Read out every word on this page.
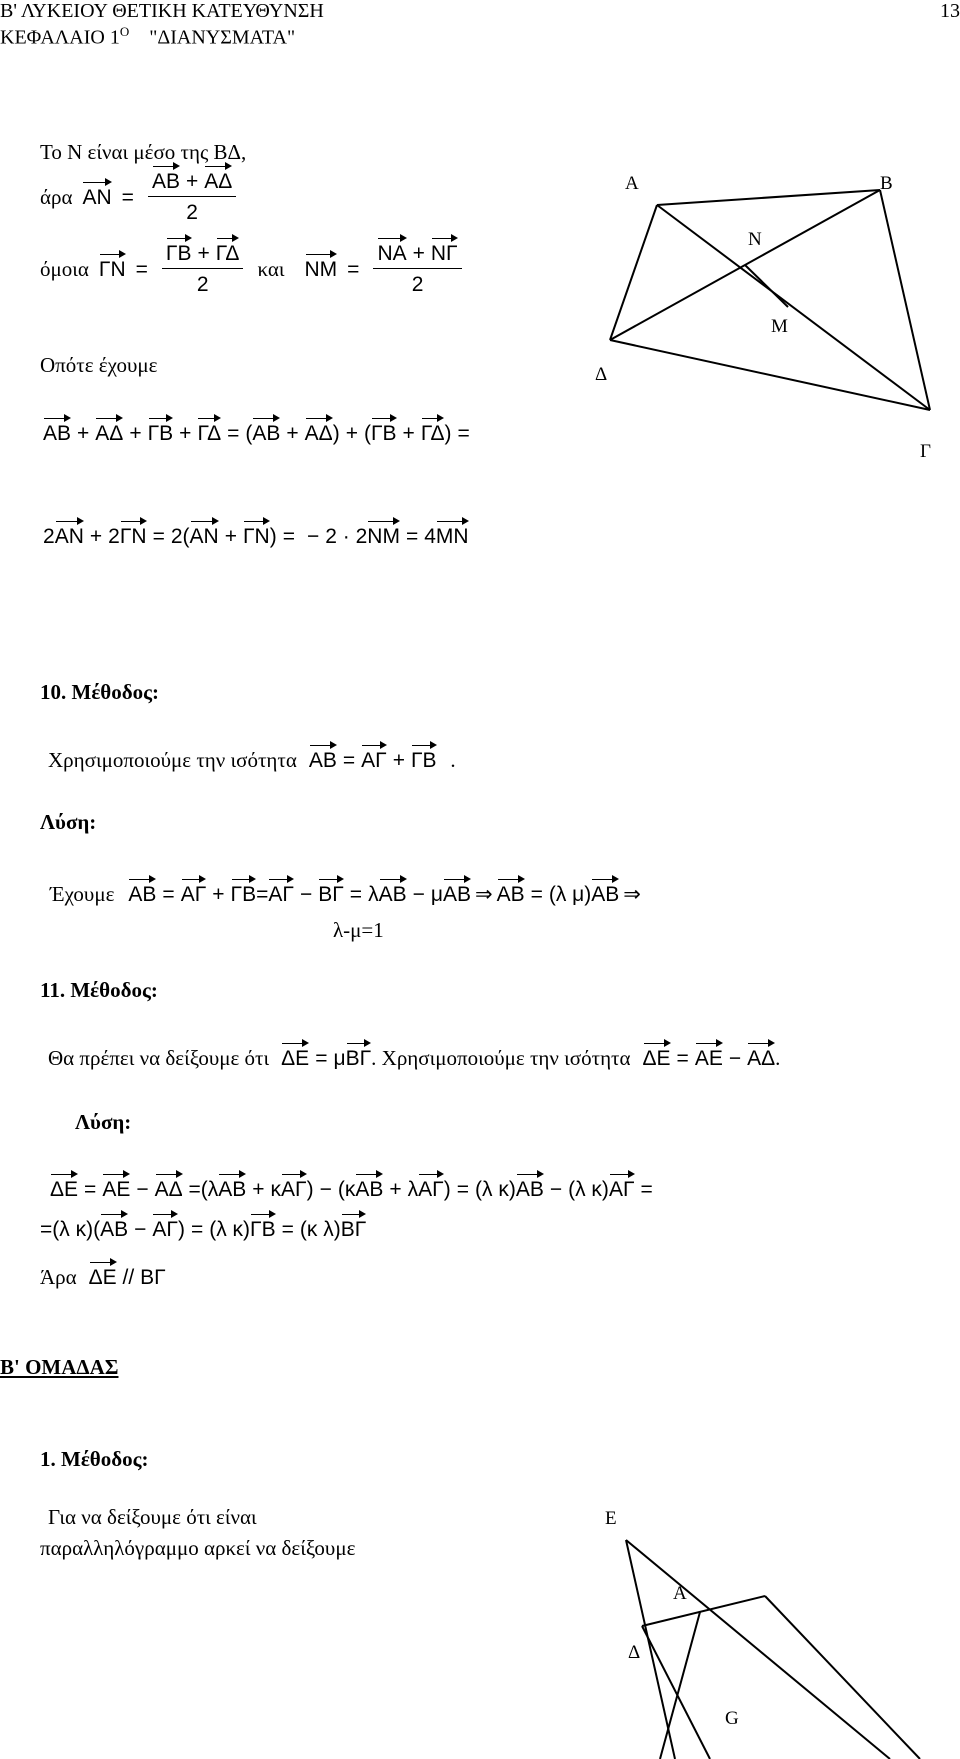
Β' ΛΥΚΕΙΟΥ ΘΕΤΙΚΗ ΚΑΤΕΥΘΥΝΣΗ
ΚΕΦΑΛΑΙΟ $1^O$ "ΔΙΑΝΥΣΜΑΤΑ"
13
Το Ν είναι μέσο της ΒΔ,
άρα $AN = \frac{AB + A\Delta}{2}$
όμοια $\Gamma N = \frac{\Gamma B + \Gamma\Delta}{2}$ και $NM = \frac{NA + N\Gamma}{2}$
Οπότε έχουμε
ΑΒ + ΑΔ + ΓΒ + ΓΔ = (ΑΒ + ΑΔ) + (ΓΒ + ΓΔ) =
2ΑΝ + 2ΓΝ = 2(ΑΝ + ΓΝ) = − 2 · 2ΝΜ = 4ΜΝ
Α	Β
Ν
Μ
Δ
Γ
10. Μέθοδος:
Χρησιμοποιούμε την ισότητα ΑΒ = ΑΓ + ΓΒ .
Λύση:
Έχουμε ΑΒ = ΑΓ + ΓΒ=ΑΓ − ΒΓ = λΑΒ − μΑΒ ⇒ ΑΒ = (λ μ)ΑΒ ⇒
λ-μ=1
11. Μέθοδος:
Θα πρέπει να δείξουμε ότι ΔΕ = μΒΓ. Χρησιμοποιούμε την ισότητα ΔΕ = ΑΕ − ΑΔ.
Λύση:
ΔΕ = ΑΕ − ΑΔ =(λΑΒ + κΑΓ) − (κΑΒ + λΑΓ) = (λ κ)ΑΒ − (λ κ)ΑΓ =
=(λ κ)(ΑΒ − ΑΓ) = (λ κ)ΓΒ = (κ λ)ΒΓ
Άρα ΔΕ // ΒΓ
Β' ΟΜΑΔΑΣ
1. Μέθοδος:
Για να δείξουμε ότι είναι
παραλληλόγραμμο αρκεί να δείξουμε
Ε
Α
Δ
G
